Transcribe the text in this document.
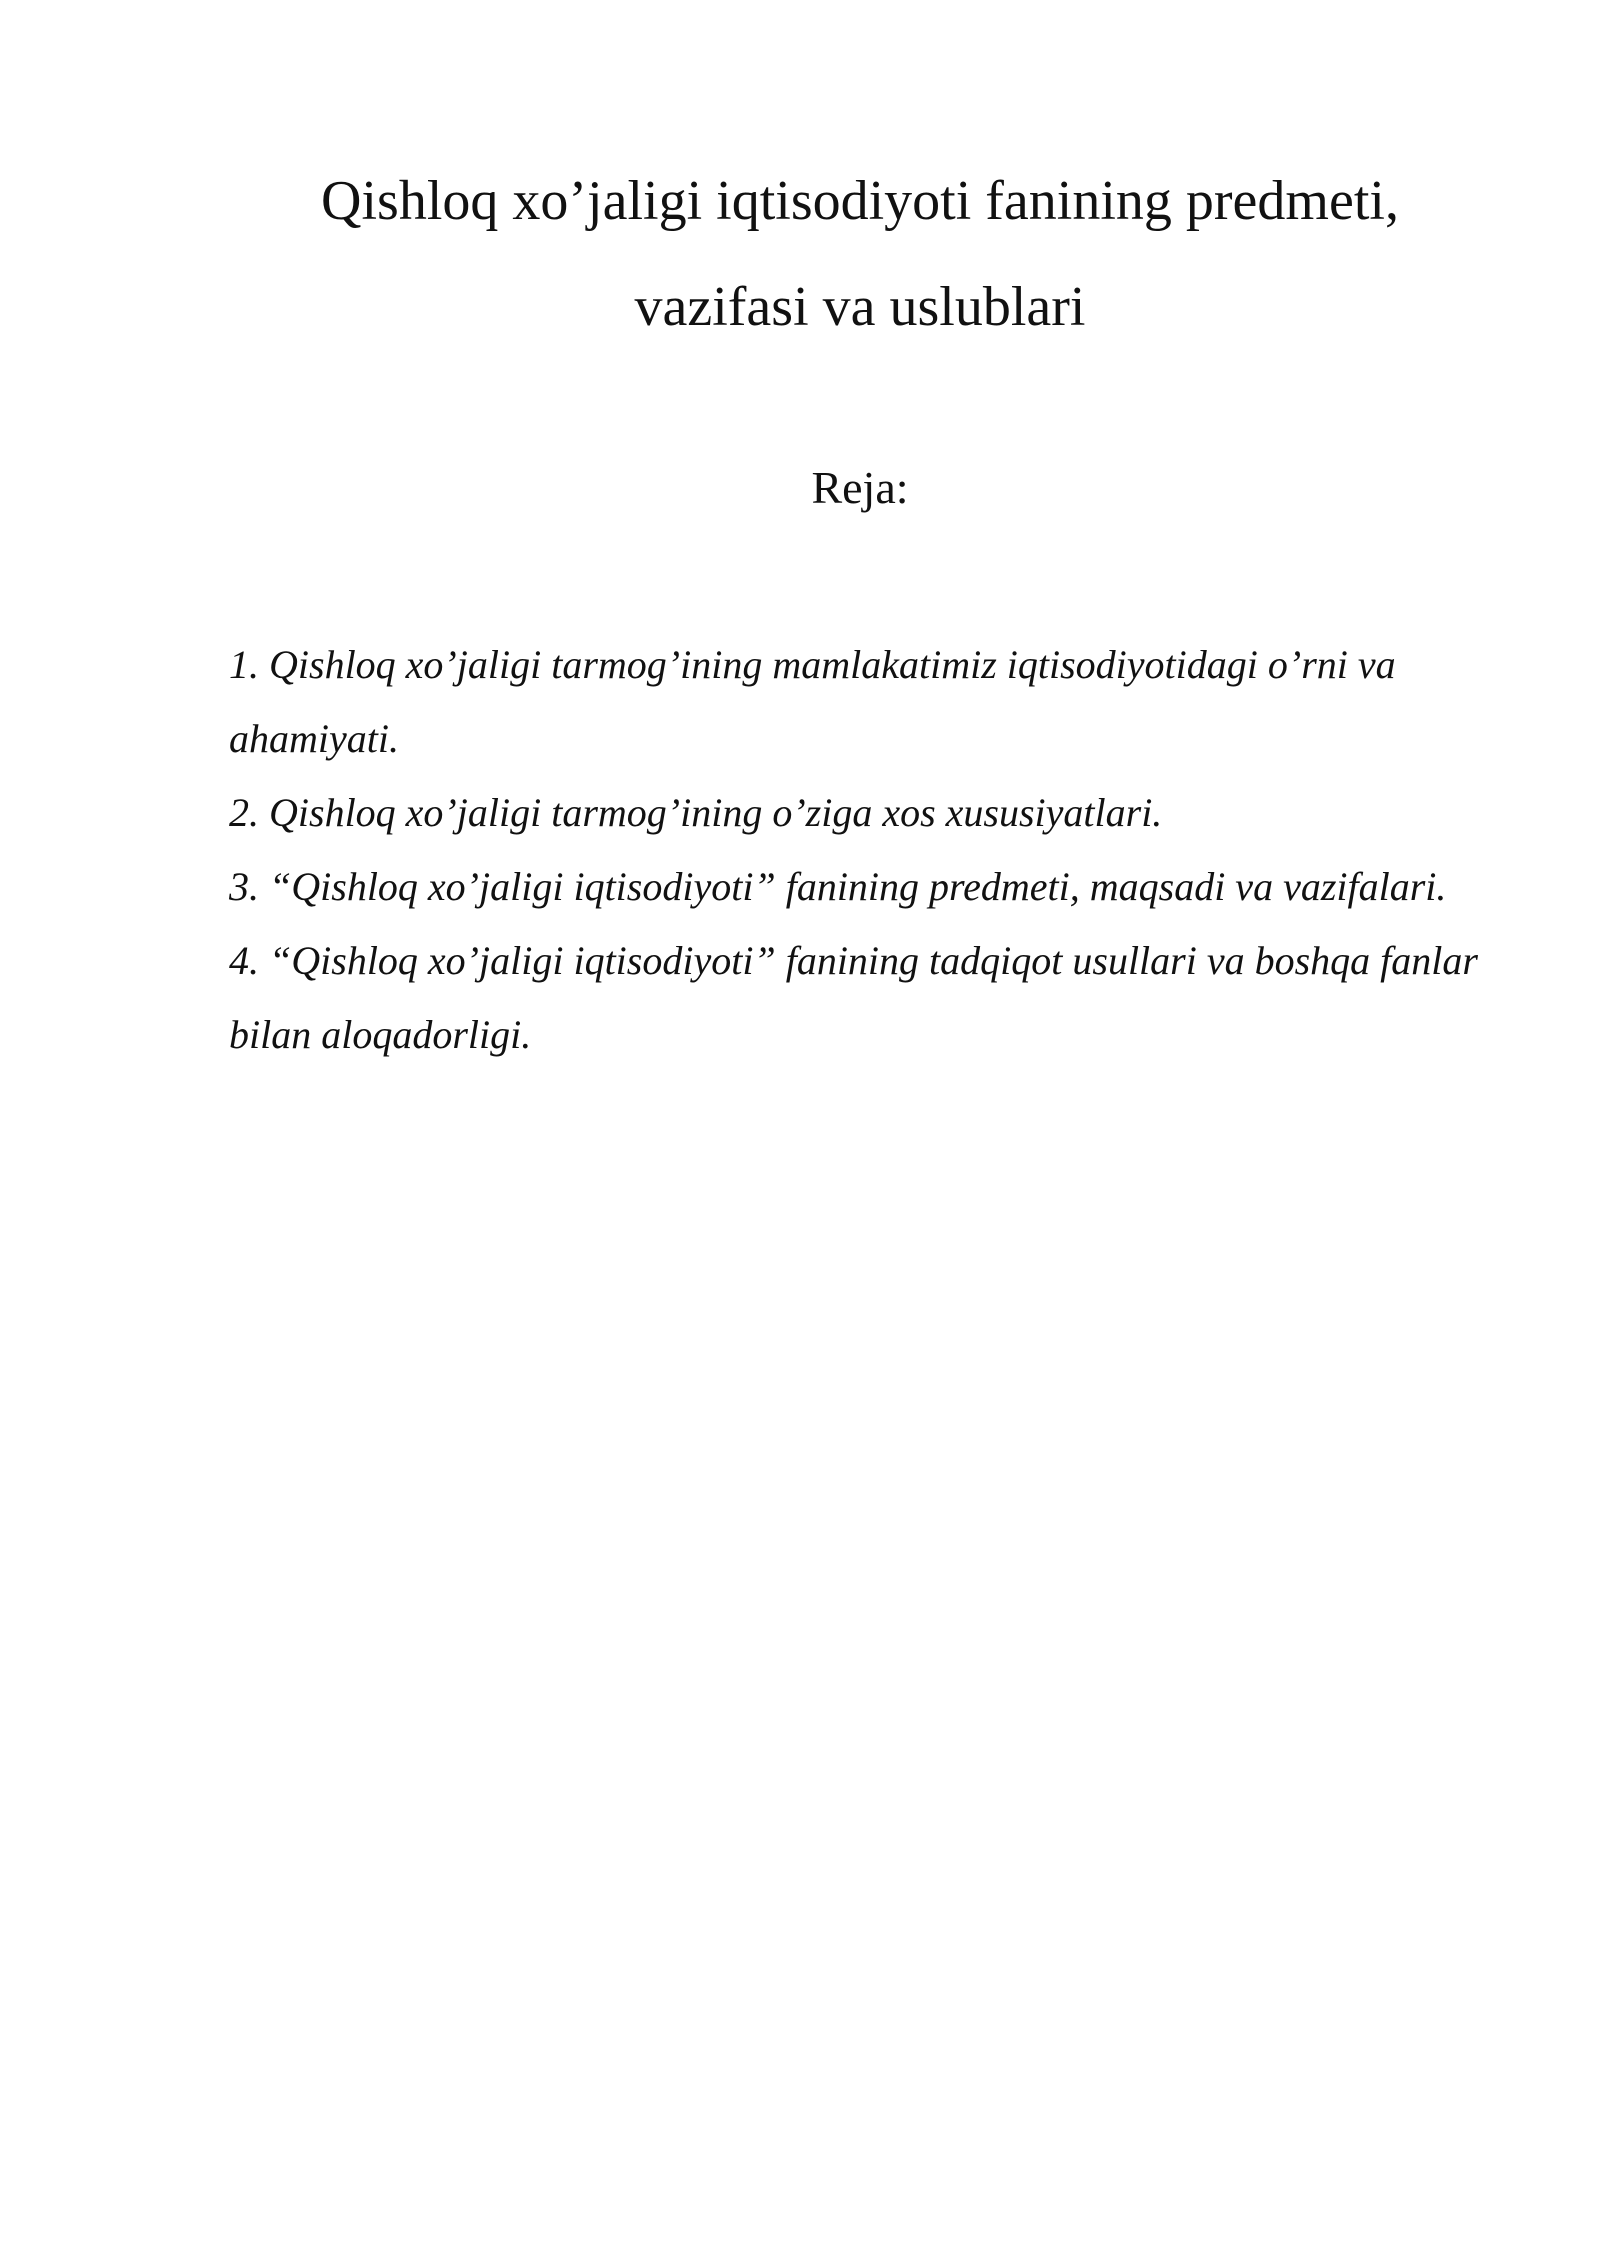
Qishloq xo’jaligi iqtisodiyoti fanining predmeti,
vazifasi va uslublari
Reja:
1. Qishloq xo’jaligi tarmog’ining mamlakatimiz iqtisodiyotidagi o’rni va ahamiyati.
2. Qishloq xo’jaligi tarmog’ining o’ziga xos xususiyatlari.
3. “Qishloq xo’jaligi iqtisodiyoti” fanining predmeti, maqsadi va vazifalari.
4. “Qishloq xo’jaligi iqtisodiyoti” fanining tadqiqot usullari va boshqa fanlar bilan aloqadorligi.
